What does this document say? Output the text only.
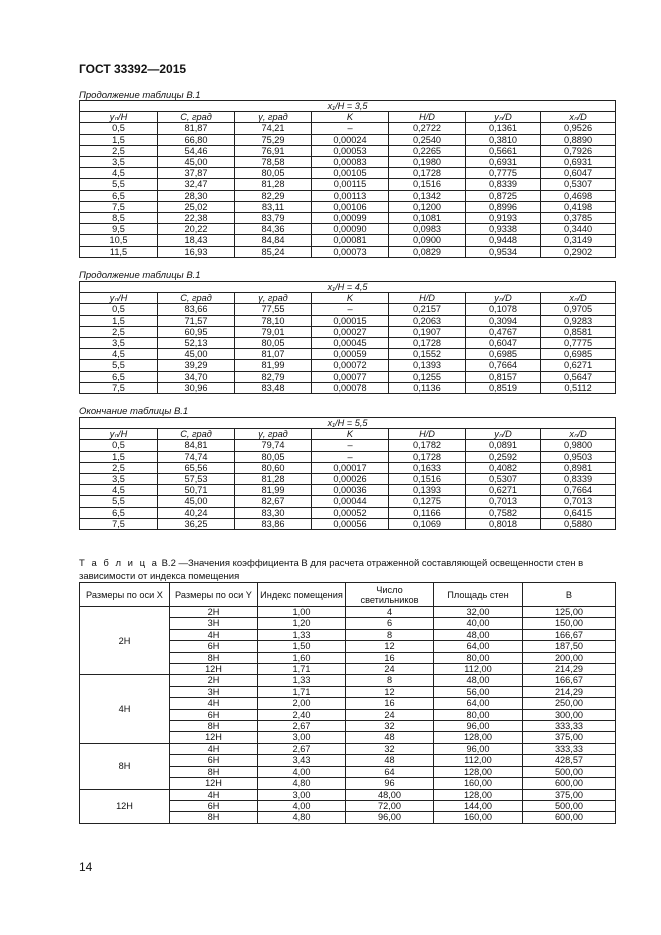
ГОСТ 33392—2015
Продолжение таблицы В.1
x₁/H = 3,5						
yₙ/H	C, град	γ, град	K	H/D	yₙ/D	xₙ/D
0,5	81,87	74,21	–	0,2722	0,1361	0,9526
1,5	66,80	75,29	0,00024	0,2540	0,3810	0,8890
2,5	54,46	76,91	0,00053	0,2265	0,5661	0,7926
3,5	45,00	78,58	0,00083	0,1980	0,6931	0,6931
4,5	37,87	80,05	0,00105	0,1728	0,7775	0,6047
5,5	32,47	81,28	0,00115	0,1516	0,8339	0,5307
6,5	28,30	82,29	0,00113	0,1342	0,8725	0,4698
7,5	25,02	83,11	0,00106	0,1200	0,8996	0,4198
8,5	22,38	83,79	0,00099	0,1081	0,9193	0,3785
9,5	20,22	84,36	0,00090	0,0983	0,9338	0,3440
10,5	18,43	84,84	0,00081	0,0900	0,9448	0,3149
11,5	16,93	85,24	0,00073	0,0829	0,9534	0,2902
Продолжение таблицы В.1
x₁/H = 4,5						
yₙ/H	C, град	γ, град	K	H/D	yₙ/D	xₙ/D
0,5	83,66	77,55	–	0,2157	0,1078	0,9705
1,5	71,57	78,10	0,00015	0,2063	0,3094	0,9283
2,5	60,95	79,01	0,00027	0,1907	0,4767	0,8581
3,5	52,13	80,05	0,00045	0,1728	0,6047	0,7775
4,5	45,00	81,07	0,00059	0,1552	0,6985	0,6985
5,5	39,29	81,99	0,00072	0,1393	0,7664	0,6271
6,5	34,70	82,79	0,00077	0,1255	0,8157	0,5647
7,5	30,96	83,48	0,00078	0,1136	0,8519	0,5112
Окончание таблицы В.1
x₁/H = 5,5						
yₙ/H	C, град	γ, град	K	H/D	yₙ/D	xₙ/D
0,5	84,81	79,74	–	0,1782	0,0891	0,9800
1,5	74,74	80,05	–	0,1728	0,2592	0,9503
2,5	65,56	80,60	0,00017	0,1633	0,4082	0,8981
3,5	57,53	81,28	0,00026	0,1516	0,5307	0,8339
4,5	50,71	81,99	0,00036	0,1393	0,6271	0,7664
5,5	45,00	82,67	0,00044	0,1275	0,7013	0,7013
6,5	40,24	83,30	0,00052	0,1166	0,7582	0,6415
7,5	36,25	83,86	0,00056	0,1069	0,8018	0,5880
Т а б л и ц а В.2 —Значения коэффициента B для расчета отраженной составляющей освещенности стен в зависимости от индекса помещения
Размеры по оси X	Размеры по оси Y	Индекс помещения	Число светильников	Площадь стен	B
2H	2H	1,00	4	32,00	125,00
	3H	1,20	6	40,00	150,00
	4H	1,33	8	48,00	166,67
	6H	1,50	12	64,00	187,50
	8H	1,60	16	80,00	200,00
	12H	1,71	24	112,00	214,29
4H	2H	1,33	8	48,00	166,67
	3H	1,71	12	56,00	214,29
	4H	2,00	16	64,00	250,00
	6H	2,40	24	80,00	300,00
	8H	2,67	32	96,00	333,33
	12H	3,00	48	128,00	375,00
8H	4H	2,67	32	96,00	333,33
	6H	3,43	48	112,00	428,57
	8H	4,00	64	128,00	500,00
	12H	4,80	96	160,00	600,00
12H	4H	3,00	48,00	128,00	375,00
	6H	4,00	72,00	144,00	500,00
	8H	4,80	96,00	160,00	600,00
14
